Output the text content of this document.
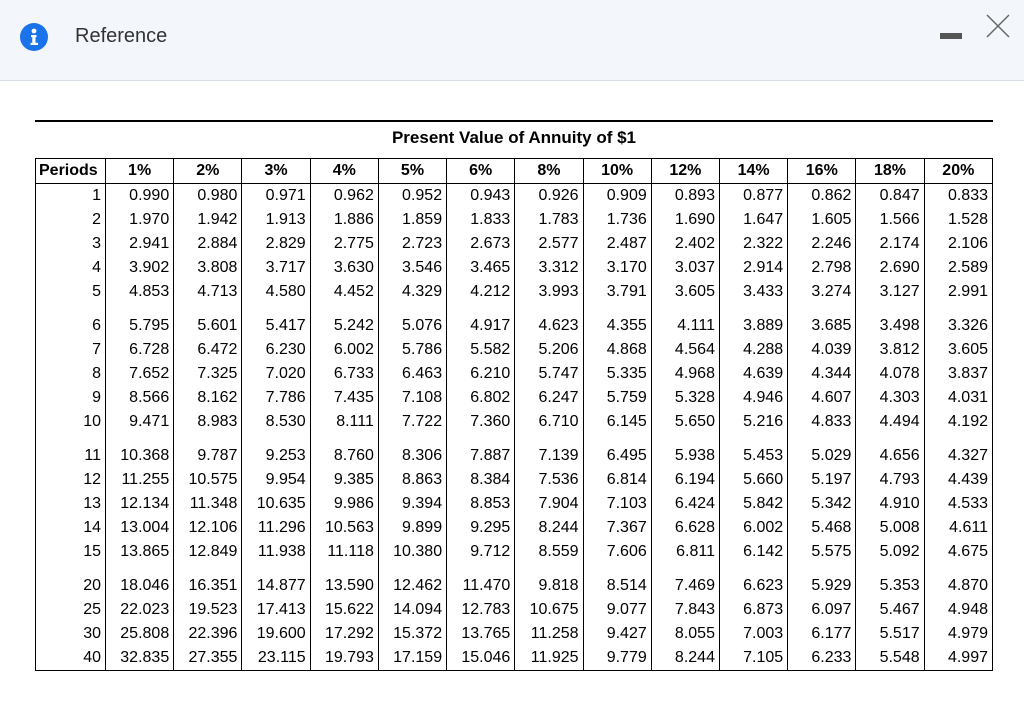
Reference
Present Value of Annuity of $1
Periods	1%	2%	3%	4%	5%	6%	8%	10%	12%	14%	16%	18%	20%
1	0.990	0.980	0.971	0.962	0.952	0.943	0.926	0.909	0.893	0.877	0.862	0.847	0.833
2	1.970	1.942	1.913	1.886	1.859	1.833	1.783	1.736	1.690	1.647	1.605	1.566	1.528
3	2.941	2.884	2.829	2.775	2.723	2.673	2.577	2.487	2.402	2.322	2.246	2.174	2.106
4	3.902	3.808	3.717	3.630	3.546	3.465	3.312	3.170	3.037	2.914	2.798	2.690	2.589
5	4.853	4.713	4.580	4.452	4.329	4.212	3.993	3.791	3.605	3.433	3.274	3.127	2.991

6	5.795	5.601	5.417	5.242	5.076	4.917	4.623	4.355	4.111	3.889	3.685	3.498	3.326
7	6.728	6.472	6.230	6.002	5.786	5.582	5.206	4.868	4.564	4.288	4.039	3.812	3.605
8	7.652	7.325	7.020	6.733	6.463	6.210	5.747	5.335	4.968	4.639	4.344	4.078	3.837
9	8.566	8.162	7.786	7.435	7.108	6.802	6.247	5.759	5.328	4.946	4.607	4.303	4.031
10	9.471	8.983	8.530	8.111	7.722	7.360	6.710	6.145	5.650	5.216	4.833	4.494	4.192

11	10.368	9.787	9.253	8.760	8.306	7.887	7.139	6.495	5.938	5.453	5.029	4.656	4.327
12	11.255	10.575	9.954	9.385	8.863	8.384	7.536	6.814	6.194	5.660	5.197	4.793	4.439
13	12.134	11.348	10.635	9.986	9.394	8.853	7.904	7.103	6.424	5.842	5.342	4.910	4.533
14	13.004	12.106	11.296	10.563	9.899	9.295	8.244	7.367	6.628	6.002	5.468	5.008	4.611
15	13.865	12.849	11.938	11.118	10.380	9.712	8.559	7.606	6.811	6.142	5.575	5.092	4.675

20	18.046	16.351	14.877	13.590	12.462	11.470	9.818	8.514	7.469	6.623	5.929	5.353	4.870
25	22.023	19.523	17.413	15.622	14.094	12.783	10.675	9.077	7.843	6.873	6.097	5.467	4.948
30	25.808	22.396	19.600	17.292	15.372	13.765	11.258	9.427	8.055	7.003	6.177	5.517	4.979
40	32.835	27.355	23.115	19.793	17.159	15.046	11.925	9.779	8.244	7.105	6.233	5.548	4.997
